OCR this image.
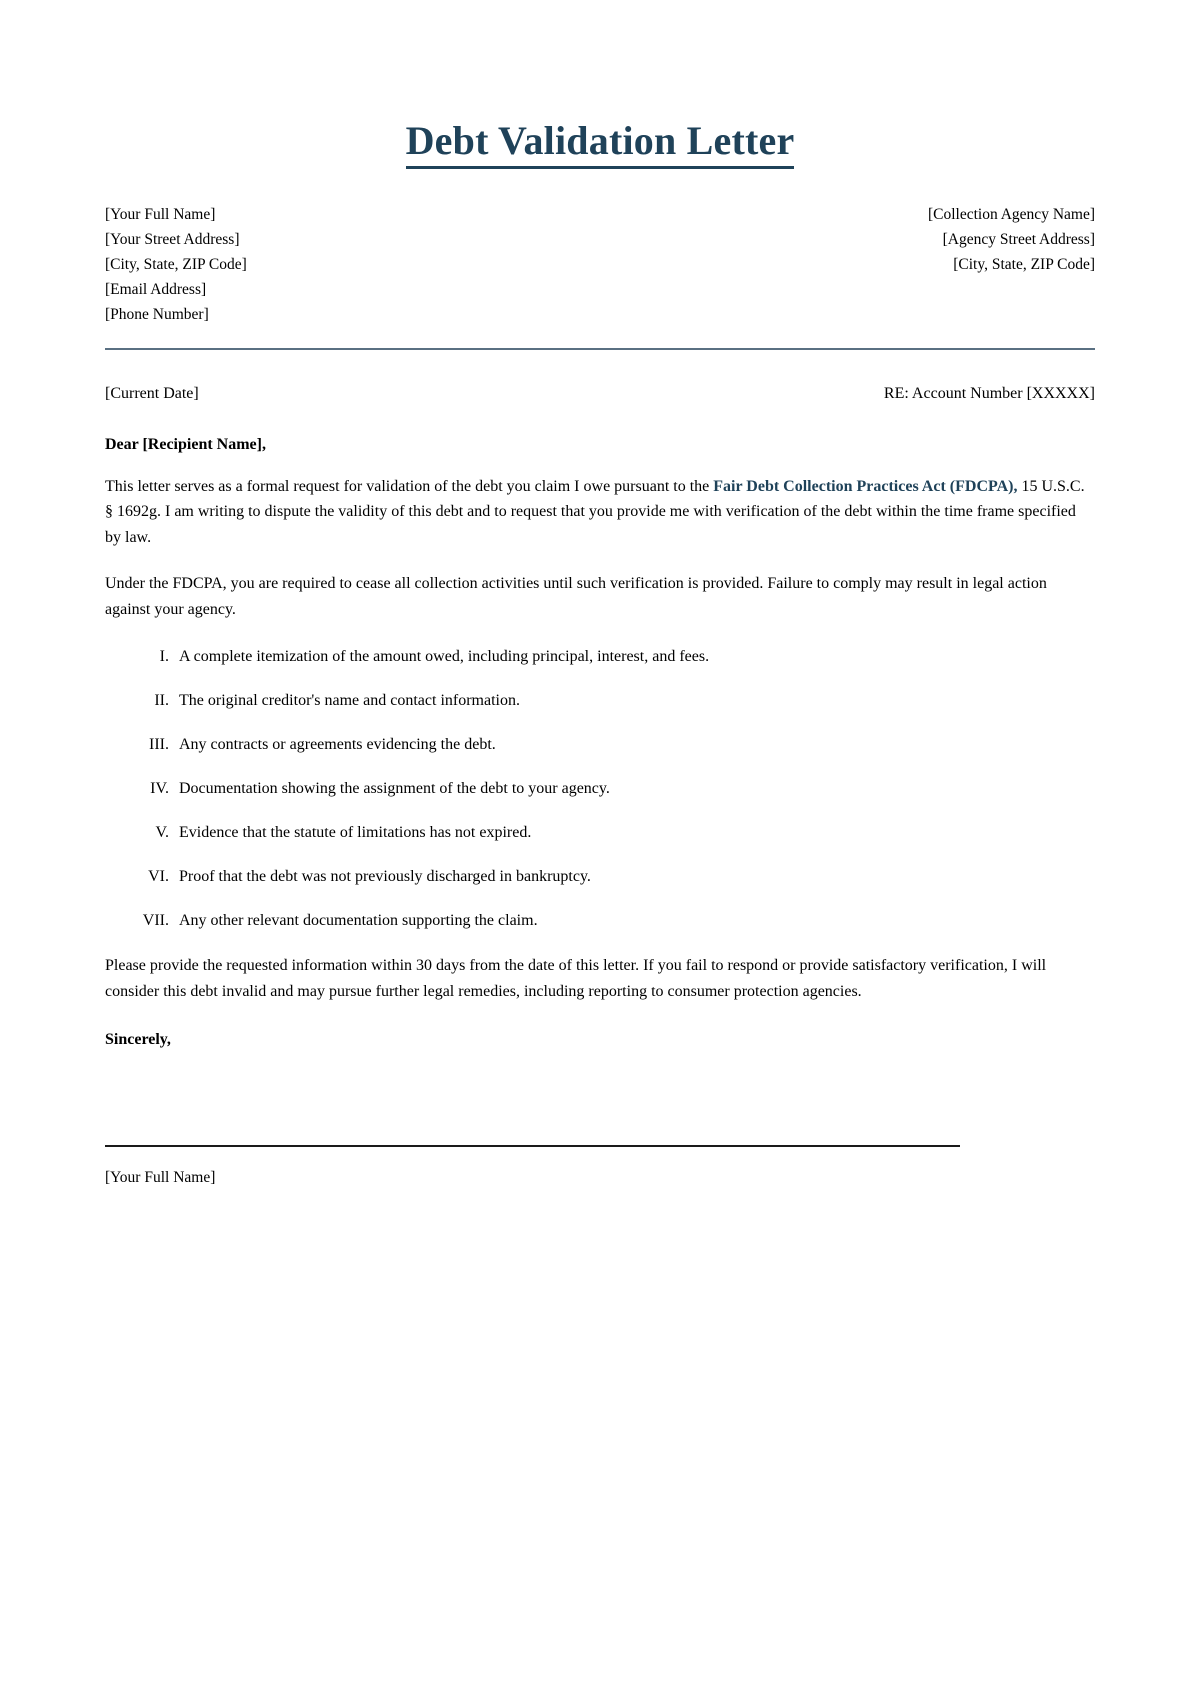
Debt Validation Letter
[Your Full Name]
[Your Street Address]
[City, State, ZIP Code]
[Email Address]
[Phone Number]
[Collection Agency Name]
[Agency Street Address]
[City, State, ZIP Code]
[Current Date]	RE: Account Number [XXXXX]
Dear [Recipient Name],

This letter serves as a formal request for validation of the debt you claim I owe pursuant to the Fair Debt Collection Practices Act (FDCPA), 15 U.S.C. § 1692g. I am writing to dispute the validity of this debt and to request that you provide me with verification of the debt within the time frame specified by law.

Under the FDCPA, you are required to cease all collection activities until such verification is provided. Failure to comply may result in legal action against your agency.

I. A complete itemization of the amount owed, including principal, interest, and fees.
II. The original creditor's name and contact information.
III. Any contracts or agreements evidencing the debt.
IV. Documentation showing the assignment of the debt to your agency.
V. Evidence that the statute of limitations has not expired.
VI. Proof that the debt was not previously discharged in bankruptcy.
VII. Any other relevant documentation supporting the claim.

Please provide the requested information within 30 days from the date of this letter. If you fail to respond or provide satisfactory verification, I will consider this debt invalid and may pursue further legal remedies, including reporting to consumer protection agencies.

Sincerely,
[Your Full Name]
